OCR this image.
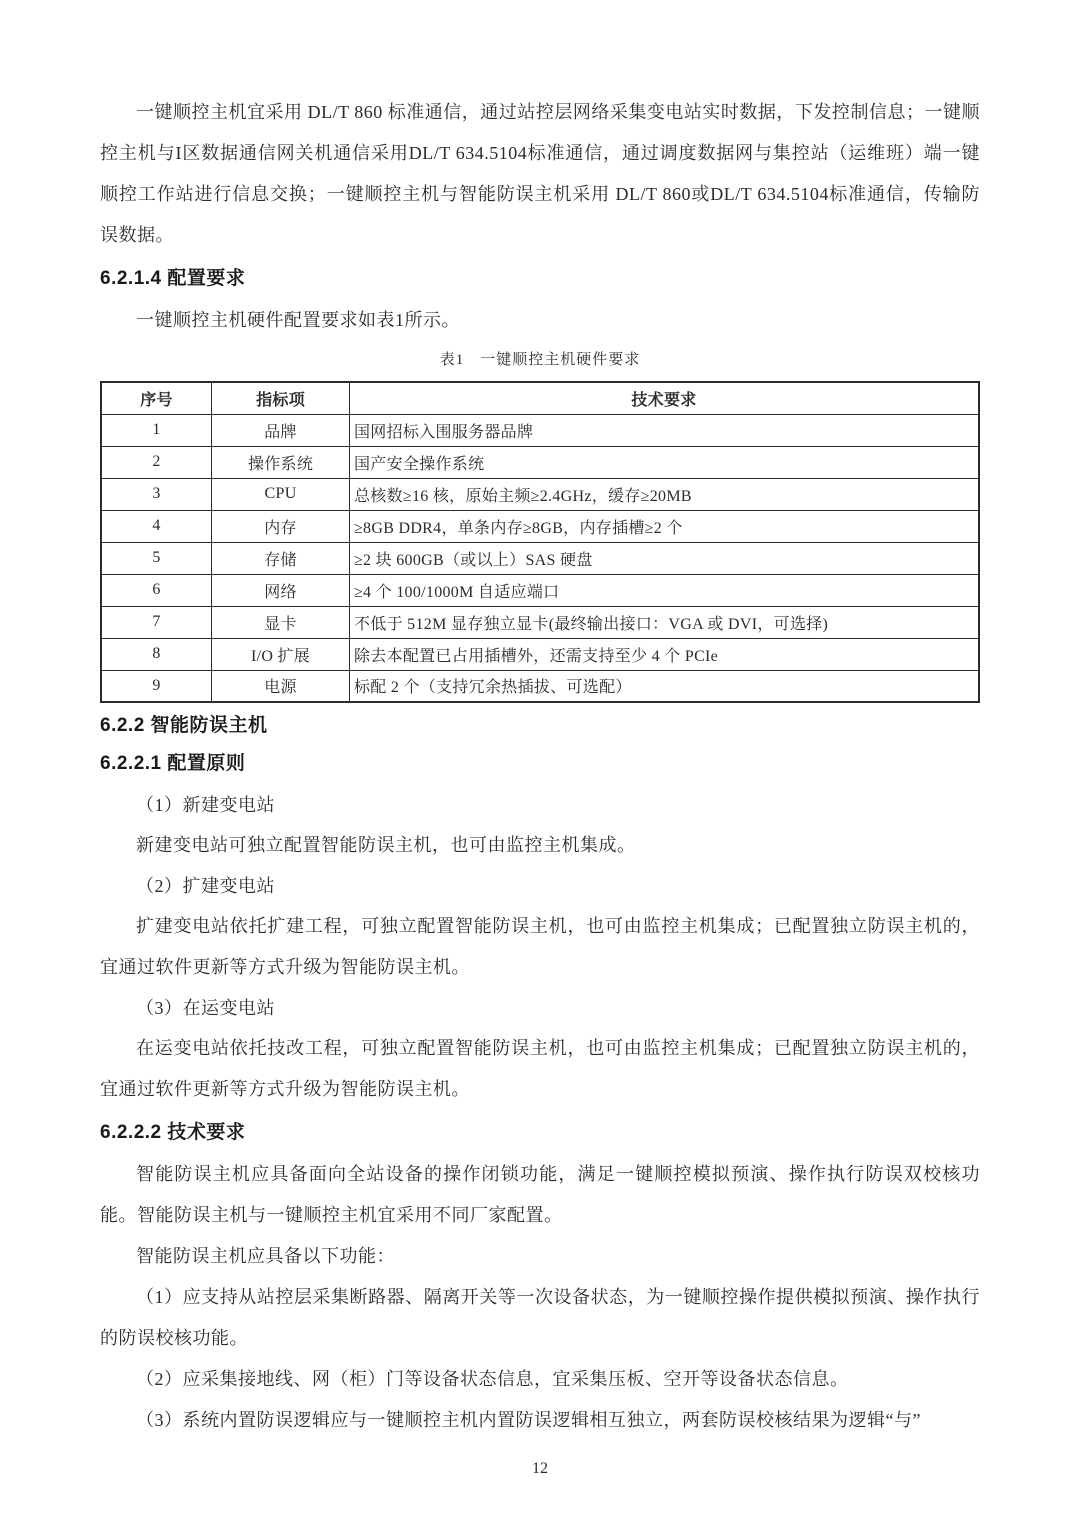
一键顺控主机宜采用 DL/T 860 标准通信，通过站控层网络采集变电站实时数据，下发控制信息；一键顺控主机与I区数据通信网关机通信采用DL/T 634.5104标准通信，通过调度数据网与集控站（运维班）端一键顺控工作站进行信息交换；一键顺控主机与智能防误主机采用 DL/T 860或DL/T 634.5104标准通信，传输防误数据。

6.2.1.4 配置要求

一键顺控主机硬件配置要求如表1所示。

表1　一键顺控主机硬件要求
序号	指标项	技术要求
1	品牌	国网招标入围服务器品牌
2	操作系统	国产安全操作系统
3	CPU	总核数≥16 核，原始主频≥2.4GHz，缓存≥20MB
4	内存	≥8GB DDR4，单条内存≥8GB，内存插槽≥2 个
5	存储	≥2 块 600GB（或以上）SAS 硬盘
6	网络	≥4 个 100/1000M 自适应端口
7	显卡	不低于 512M 显存独立显卡(最终输出接口：VGA 或 DVI，可选择)
8	I/O 扩展	除去本配置已占用插槽外，还需支持至少 4 个 PCIe
9	电源	标配 2 个（支持冗余热插拔、可选配）
6.2.2 智能防误主机
6.2.2.1 配置原则

（1）新建变电站

新建变电站可独立配置智能防误主机，也可由监控主机集成。

（2）扩建变电站

扩建变电站依托扩建工程，可独立配置智能防误主机，也可由监控主机集成；已配置独立防误主机的，宜通过软件更新等方式升级为智能防误主机。

（3）在运变电站

在运变电站依托技改工程，可独立配置智能防误主机，也可由监控主机集成；已配置独立防误主机的，宜通过软件更新等方式升级为智能防误主机。

6.2.2.2 技术要求

智能防误主机应具备面向全站设备的操作闭锁功能，满足一键顺控模拟预演、操作执行防误双校核功能。智能防误主机与一键顺控主机宜采用不同厂家配置。

智能防误主机应具备以下功能：

（1）应支持从站控层采集断路器、隔离开关等一次设备状态，为一键顺控操作提供模拟预演、操作执行的防误校核功能。

（2）应采集接地线、网（柜）门等设备状态信息，宜采集压板、空开等设备状态信息。

（3）系统内置防误逻辑应与一键顺控主机内置防误逻辑相互独立，两套防误校核结果为逻辑“与”

12
